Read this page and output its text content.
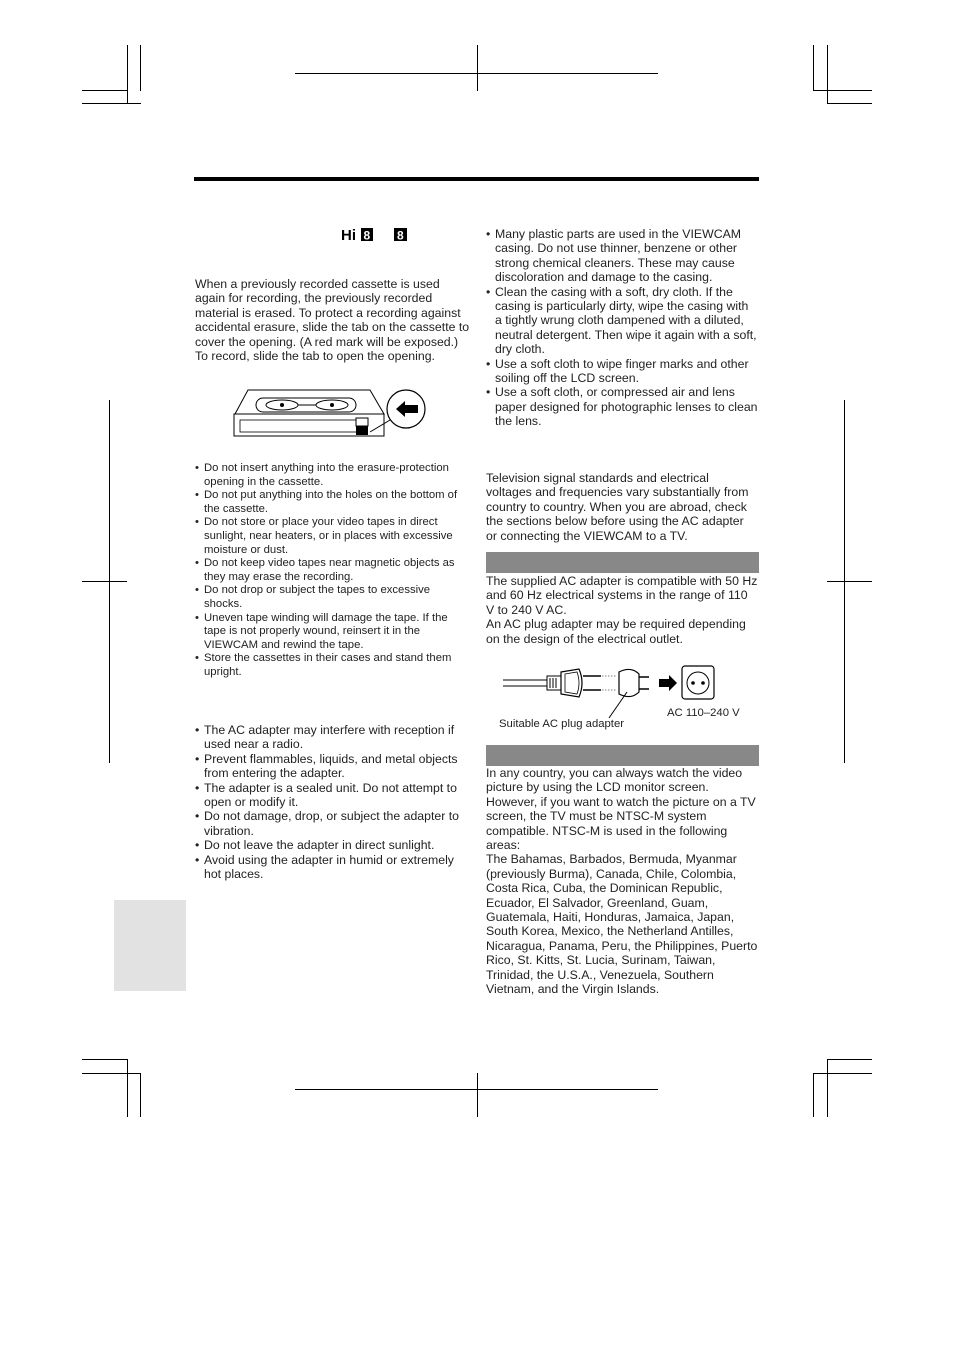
Hi 8 8

When a previously recorded cassette is used again for recording, the previously recorded material is erased. To protect a recording against accidental erasure, slide the tab on the cassette to cover the opening. (A red mark will be exposed.) To record, slide the tab to open the opening.

• Do not insert anything into the erasure-protection opening in the cassette.
• Do not put anything into the holes on the bottom of the cassette.
• Do not store or place your video tapes in direct sunlight, near heaters, or in places with excessive moisture or dust.
• Do not keep video tapes near magnetic objects as they may erase the recording.
• Do not drop or subject the tapes to excessive shocks.
• Uneven tape winding will damage the tape. If the tape is not properly wound, reinsert it in the VIEWCAM and rewind the tape.
• Store the cassettes in their cases and stand them upright.
• The AC adapter may interfere with reception if used near a radio.
• Prevent flammables, liquids, and metal objects from entering the adapter.
• The adapter is a sealed unit. Do not attempt to open or modify it.
• Do not damage, drop, or subject the adapter to vibration.
• Do not leave the adapter in direct sunlight.
• Avoid using the adapter in humid or extremely hot places.
• Many plastic parts are used in the VIEWCAM casing. Do not use thinner, benzene or other strong chemical cleaners. These may cause discoloration and damage to the casing.
• Clean the casing with a soft, dry cloth. If the casing is particularly dirty, wipe the casing with a tightly wrung cloth dampened with a diluted, neutral detergent. Then wipe it again with a soft, dry cloth.
• Use a soft cloth to wipe finger marks and other soiling off the LCD screen.
• Use a soft cloth, or compressed air and lens paper designed for photographic lenses to clean the lens.

Television signal standards and electrical voltages and frequencies vary substantially from country to country. When you are abroad, check the sections below before using the AC adapter or connecting the VIEWCAM to a TV.

The supplied AC adapter is compatible with 50 Hz and 60 Hz electrical systems in the range of 110 V to 240 V AC.

An AC plug adapter may be required depending on the design of the electrical outlet.

Suitable AC plug adapter
AC 110–240 V

In any country, you can always watch the video picture by using the LCD monitor screen. However, if you want to watch the picture on a TV screen, the TV must be NTSC-M system compatible. NTSC-M is used in the following areas:

The Bahamas, Barbados, Bermuda, Myanmar (previously Burma), Canada, Chile, Colombia, Costa Rica, Cuba, the Dominican Republic, Ecuador, El Salvador, Greenland, Guam, Guatemala, Haiti, Honduras, Jamaica, Japan, South Korea, Mexico, the Netherland Antilles, Nicaragua, Panama, Peru, the Philippines, Puerto Rico, St. Kitts, St. Lucia, Surinam, Taiwan, Trinidad, the U.S.A., Venezuela, Southern Vietnam, and the Virgin Islands.
